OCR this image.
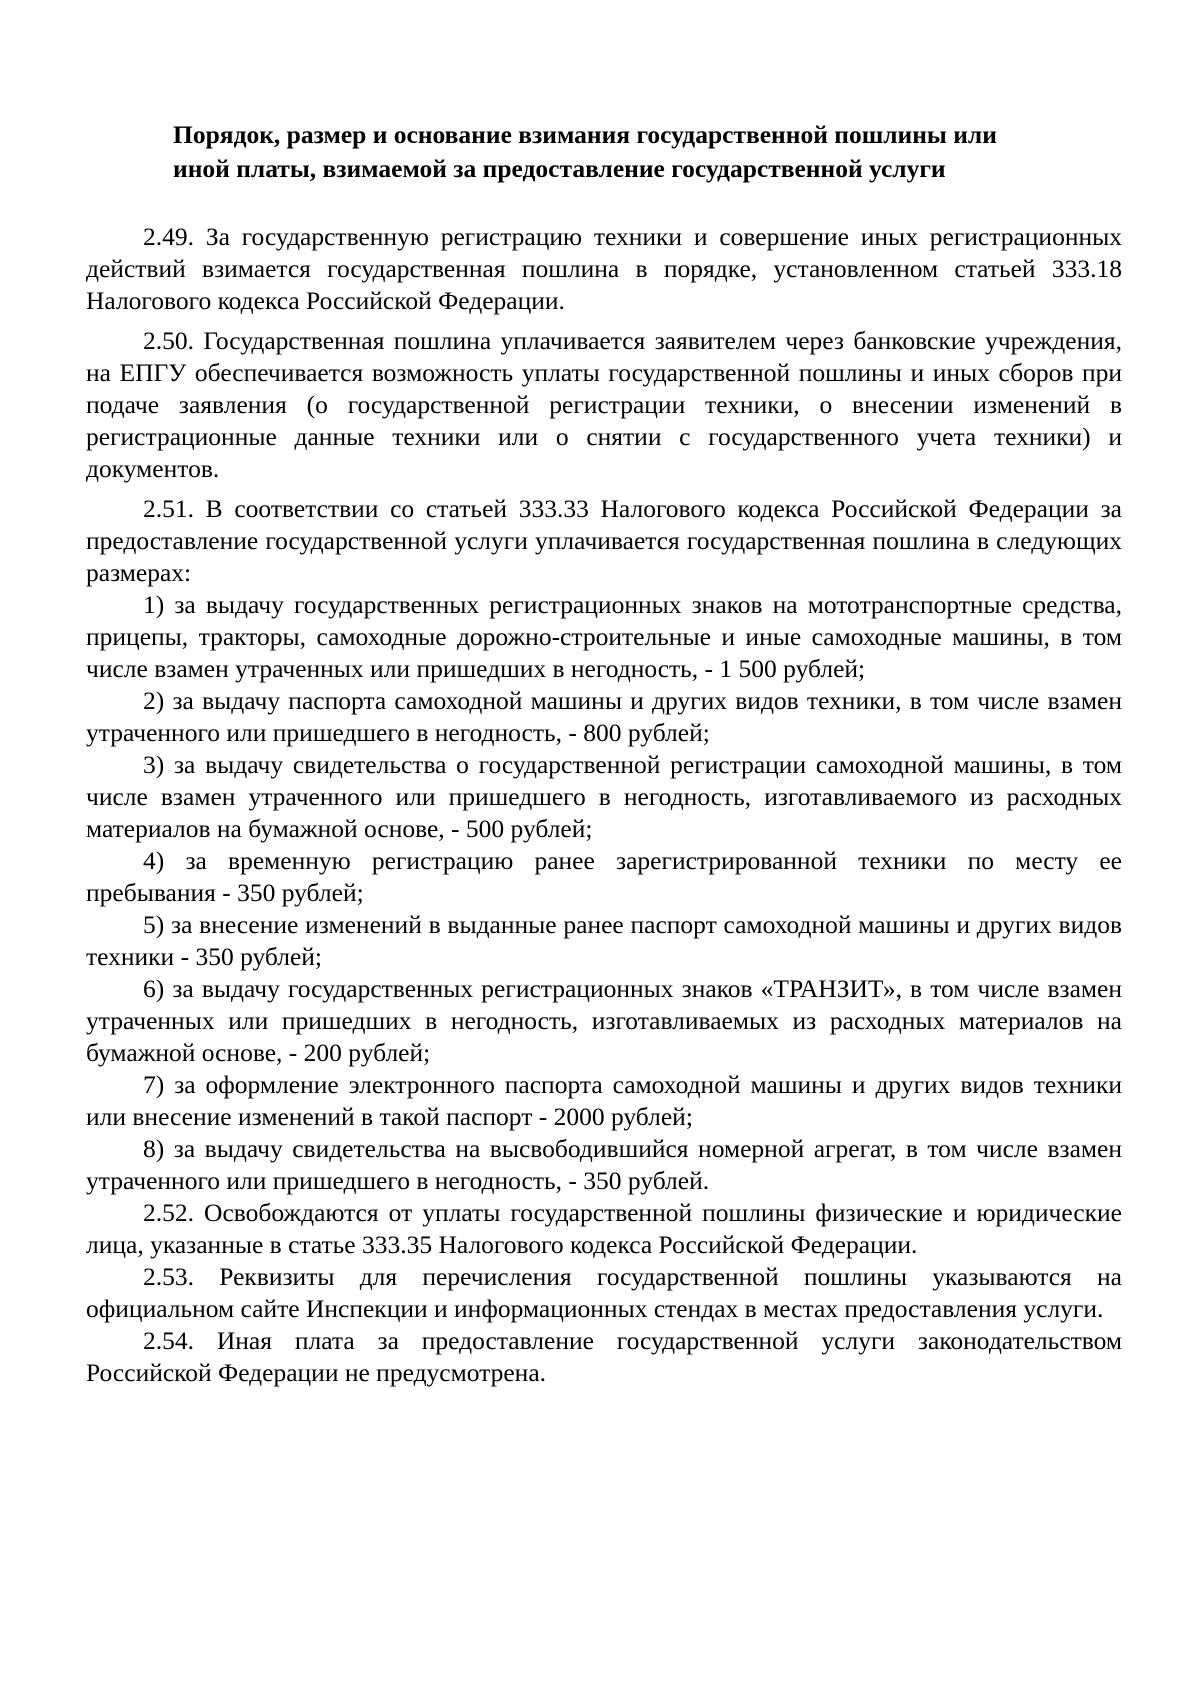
Порядок, размер и основание взимания государственной пошлины или
иной платы, взимаемой за предоставление государственной услуги

2.49. За государственную регистрацию техники и совершение иных регистрационных действий взимается государственная пошлина в порядке, установленном статьей 333.18 Налогового кодекса Российской Федерации.

2.50. Государственная пошлина уплачивается заявителем через банковские учреждения, на ЕПГУ обеспечивается возможность уплаты государственной пошлины и иных сборов при подаче заявления (о государственной регистрации техники, о внесении изменений в регистрационные данные техники или о снятии с государственного учета техники) и документов.

2.51. В соответствии со статьей 333.33 Налогового кодекса Российской Федерации за предоставление государственной услуги уплачивается государственная пошлина в следующих размерах:

1) за выдачу государственных регистрационных знаков на мототранспортные средства, прицепы, тракторы, самоходные дорожно-строительные и иные самоходные машины, в том числе взамен утраченных или пришедших в негодность, - 1 500 рублей;

2) за выдачу паспорта самоходной машины и других видов техники, в том числе взамен утраченного или пришедшего в негодность, - 800 рублей;

3) за выдачу свидетельства о государственной регистрации самоходной машины, в том числе взамен утраченного или пришедшего в негодность, изготавливаемого из расходных материалов на бумажной основе, - 500 рублей;

4) за временную регистрацию ранее зарегистрированной техники по месту ее пребывания - 350 рублей;

5) за внесение изменений в выданные ранее паспорт самоходной машины и других видов техники - 350 рублей;

6) за выдачу государственных регистрационных знаков «ТРАНЗИТ», в том числе взамен утраченных или пришедших в негодность, изготавливаемых из расходных материалов на бумажной основе, - 200 рублей;

7) за оформление электронного паспорта самоходной машины и других видов техники или внесение изменений в такой паспорт - 2000 рублей;

8) за выдачу свидетельства на высвободившийся номерной агрегат, в том числе взамен утраченного или пришедшего в негодность, - 350 рублей.

2.52. Освобождаются от уплаты государственной пошлины физические и юридические лица, указанные в статье 333.35 Налогового кодекса Российской Федерации.

2.53. Реквизиты для перечисления государственной пошлины указываются на официальном сайте Инспекции и информационных стендах в местах предоставления услуги.

2.54. Иная плата за предоставление государственной услуги законодательством Российской Федерации не предусмотрена.
